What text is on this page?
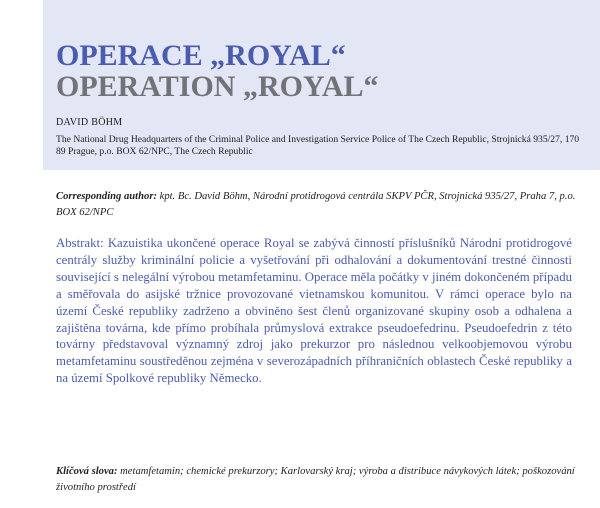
OPERACE „ROYAL“
OPERATION „ROYAL“
DAVID BÖHM
The National Drug Headquarters of the Criminal Police and Investigation Service Police of The Czech Republic, Strojnická 935/27, 170 89 Prague, p.o. BOX 62/NPC, The Czech Republic
Corresponding author: kpt. Bc. David Böhm, Národní protidrogová centrála SKPV PČR, Strojnická 935/27, Praha 7, p.o. BOX 62/NPC

Abstrakt: Kazuistika ukončené operace Royal se zabývá činností příslušníků Národní protidrogové centrály služby kriminální policie a vyšetřování při odhalování a dokumentování trestné činnosti související s nelegální výrobou metamfetaminu. Operace měla počátky v jiném dokončeném případu a směřovala do asijské tržnice provozované vietnamskou komunitou. V rámci operace bylo na území České republiky zadrženo a obviněno šest členů organizované skupiny osob a odhalena a zajištěna továrna, kde přímo probíhala průmyslová extrakce pseudoefedrinu. Pseudoefedrin z této továrny představoval významný zdroj jako prekurzor pro následnou velkoobjemovou výrobu metamfetaminu soustředěnou zejména v severozápadních příhraničních oblastech České republiky a na území Spolkové republiky Německo.

Klíčová slova: metamfetamin; chemické prekurzory; Karlovarský kraj; výroba a distribuce návykových látek; poškozování životního prostředí
